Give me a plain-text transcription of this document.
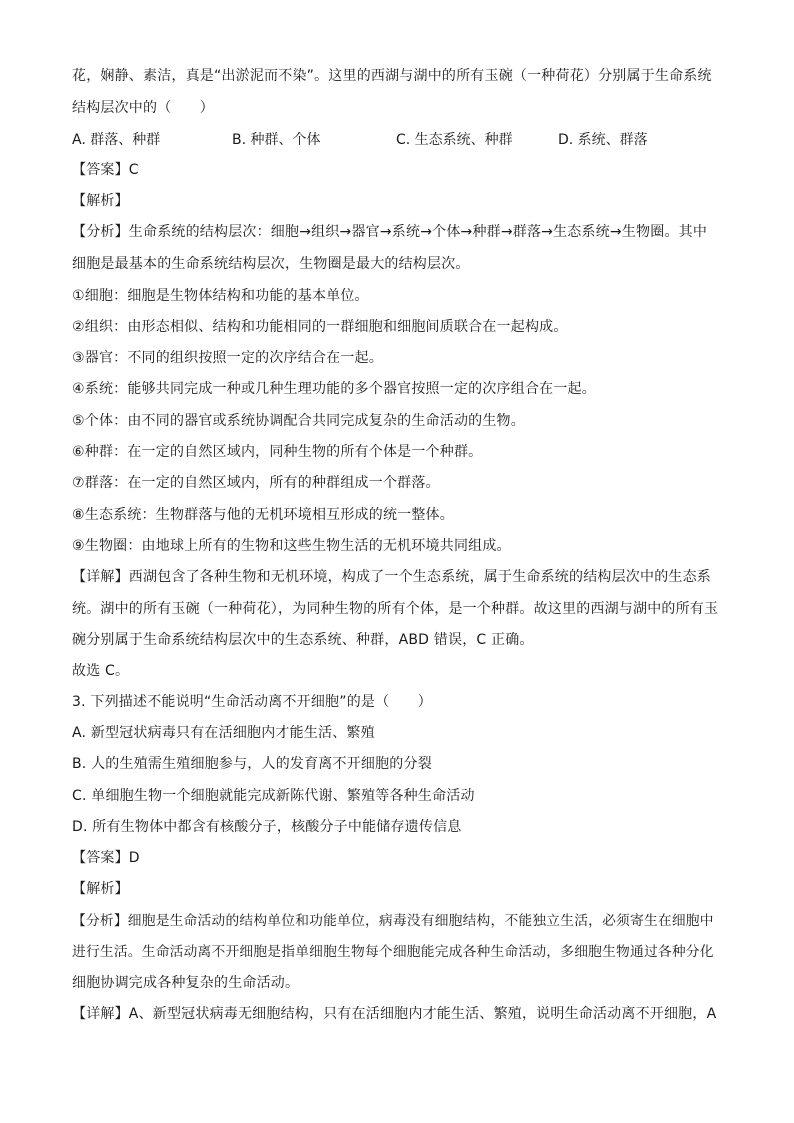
花，娴静、素洁，真是“出淤泥而不染”。这里的西湖与湖中的所有玉碗（一种荷花）分别属于生命系统
结构层次中的（　　）
A. 群落、种群	B. 种群、个体	C. 生态系统、种群	D. 系统、群落
【答案】C
【解析】
【分析】生命系统的结构层次：细胞→组织→器官→系统→个体→种群→群落→生态系统→生物圈。其中
细胞是最基本的生命系统结构层次，生物圈是最大的结构层次。
①细胞：细胞是生物体结构和功能的基本单位。
②组织：由形态相似、结构和功能相同的一群细胞和细胞间质联合在一起构成。
③器官：不同的组织按照一定的次序结合在一起。
④系统：能够共同完成一种或几种生理功能的多个器官按照一定的次序组合在一起。
⑤个体：由不同的器官或系统协调配合共同完成复杂的生命活动的生物。
⑥种群：在一定的自然区域内，同种生物的所有个体是一个种群。
⑦群落：在一定的自然区域内，所有的种群组成一个群落。
⑧生态系统：生物群落与他的无机环境相互形成的统一整体。
⑨生物圈：由地球上所有的生物和这些生物生活的无机环境共同组成。
【详解】西湖包含了各种生物和无机环境，构成了一个生态系统，属于生命系统的结构层次中的生态系
统。湖中的所有玉碗（一种荷花），为同种生物的所有个体，是一个种群。故这里的西湖与湖中的所有玉
碗分别属于生命系统结构层次中的生态系统、种群，ABD 错误，C 正确。
故选 C。
3. 下列描述不能说明“生命活动离不开细胞”的是（　　）
A. 新型冠状病毒只有在活细胞内才能生活、繁殖
B. 人的生殖需生殖细胞参与，人的发育离不开细胞的分裂
C. 单细胞生物一个细胞就能完成新陈代谢、繁殖等各种生命活动
D. 所有生物体中都含有核酸分子，核酸分子中能储存遗传信息
【答案】D
【解析】
【分析】细胞是生命活动的结构单位和功能单位，病毒没有细胞结构，不能独立生活，必须寄生在细胞中
进行生活。生命活动离不开细胞是指单细胞生物每个细胞能完成各种生命活动，多细胞生物通过各种分化
细胞协调完成各种复杂的生命活动。
【详解】A、新型冠状病毒无细胞结构，只有在活细胞内才能生活、繁殖，说明生命活动离不开细胞，A
